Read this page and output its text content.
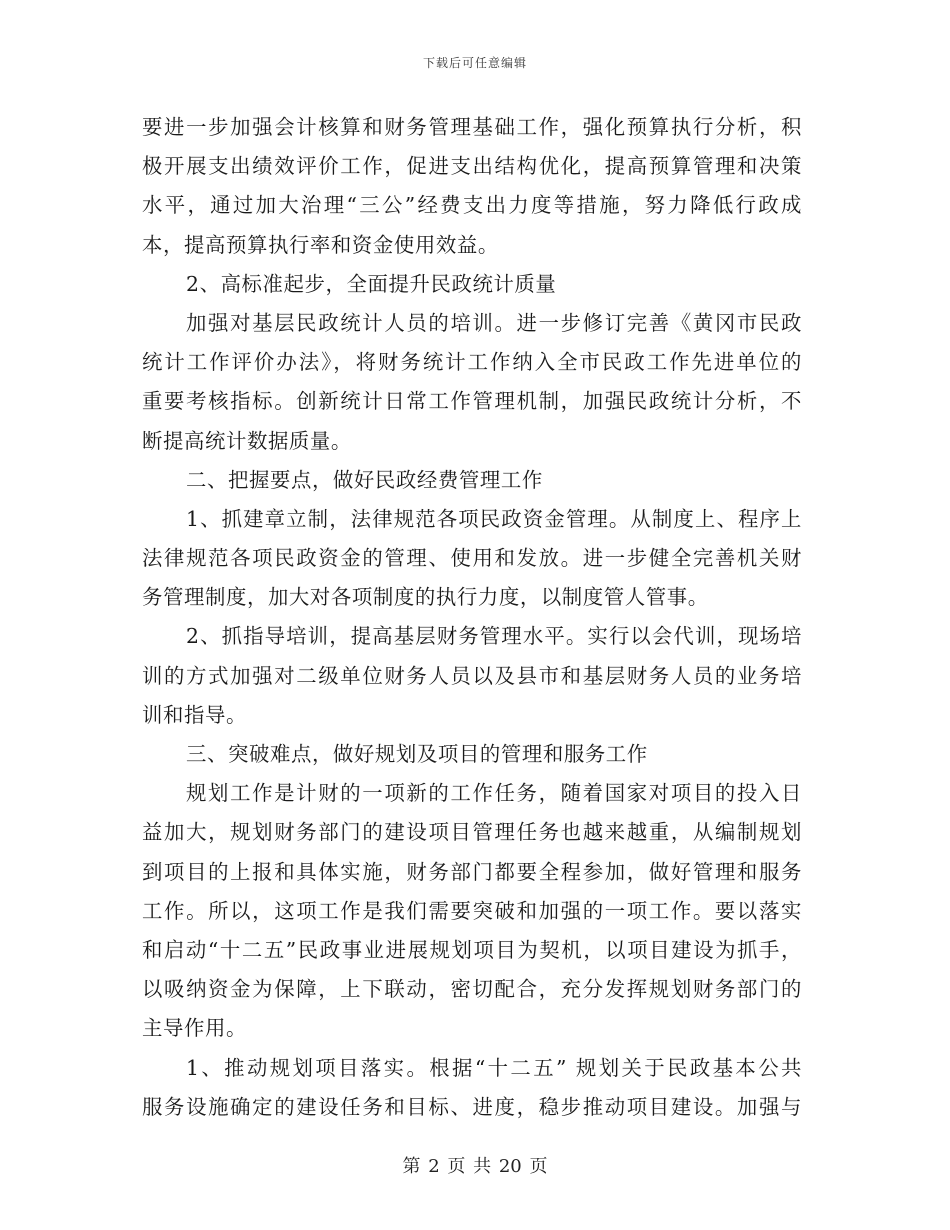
下载后可任意编辑
要进一步加强会计核算和财务管理基础工作，强化预算执行分析，积
极开展支出绩效评价工作，促进支出结构优化，提高预算管理和决策
水平，通过加大治理“三公”经费支出力度等措施，努力降低行政成
本，提高预算执行率和资金使用效益。
2、高标准起步，全面提升民政统计质量
加强对基层民政统计人员的培训。进一步修订完善《黄冈市民政
统计工作评价办法》，将财务统计工作纳入全市民政工作先进单位的
重要考核指标。创新统计日常工作管理机制，加强民政统计分析，不
断提高统计数据质量。
二、把握要点，做好民政经费管理工作
1、抓建章立制，法律规范各项民政资金管理。从制度上、程序上
法律规范各项民政资金的管理、使用和发放。进一步健全完善机关财
务管理制度，加大对各项制度的执行力度，以制度管人管事。
2、抓指导培训，提高基层财务管理水平。实行以会代训，现场培
训的方式加强对二级单位财务人员以及县市和基层财务人员的业务培
训和指导。
三、突破难点，做好规划及项目的管理和服务工作
规划工作是计财的一项新的工作任务，随着国家对项目的投入日
益加大，规划财务部门的建设项目管理任务也越来越重，从编制规划
到项目的上报和具体实施，财务部门都要全程参加，做好管理和服务
工作。所以，这项工作是我们需要突破和加强的一项工作。要以落实
和启动“十二五”民政事业进展规划项目为契机，以项目建设为抓手，
以吸纳资金为保障，上下联动，密切配合，充分发挥规划财务部门的
主导作用。
1、推动规划项目落实。根据“十二五” 规划关于民政基本公共
服务设施确定的建设任务和目标、进度，稳步推动项目建设。加强与
第 2 页 共 20 页
